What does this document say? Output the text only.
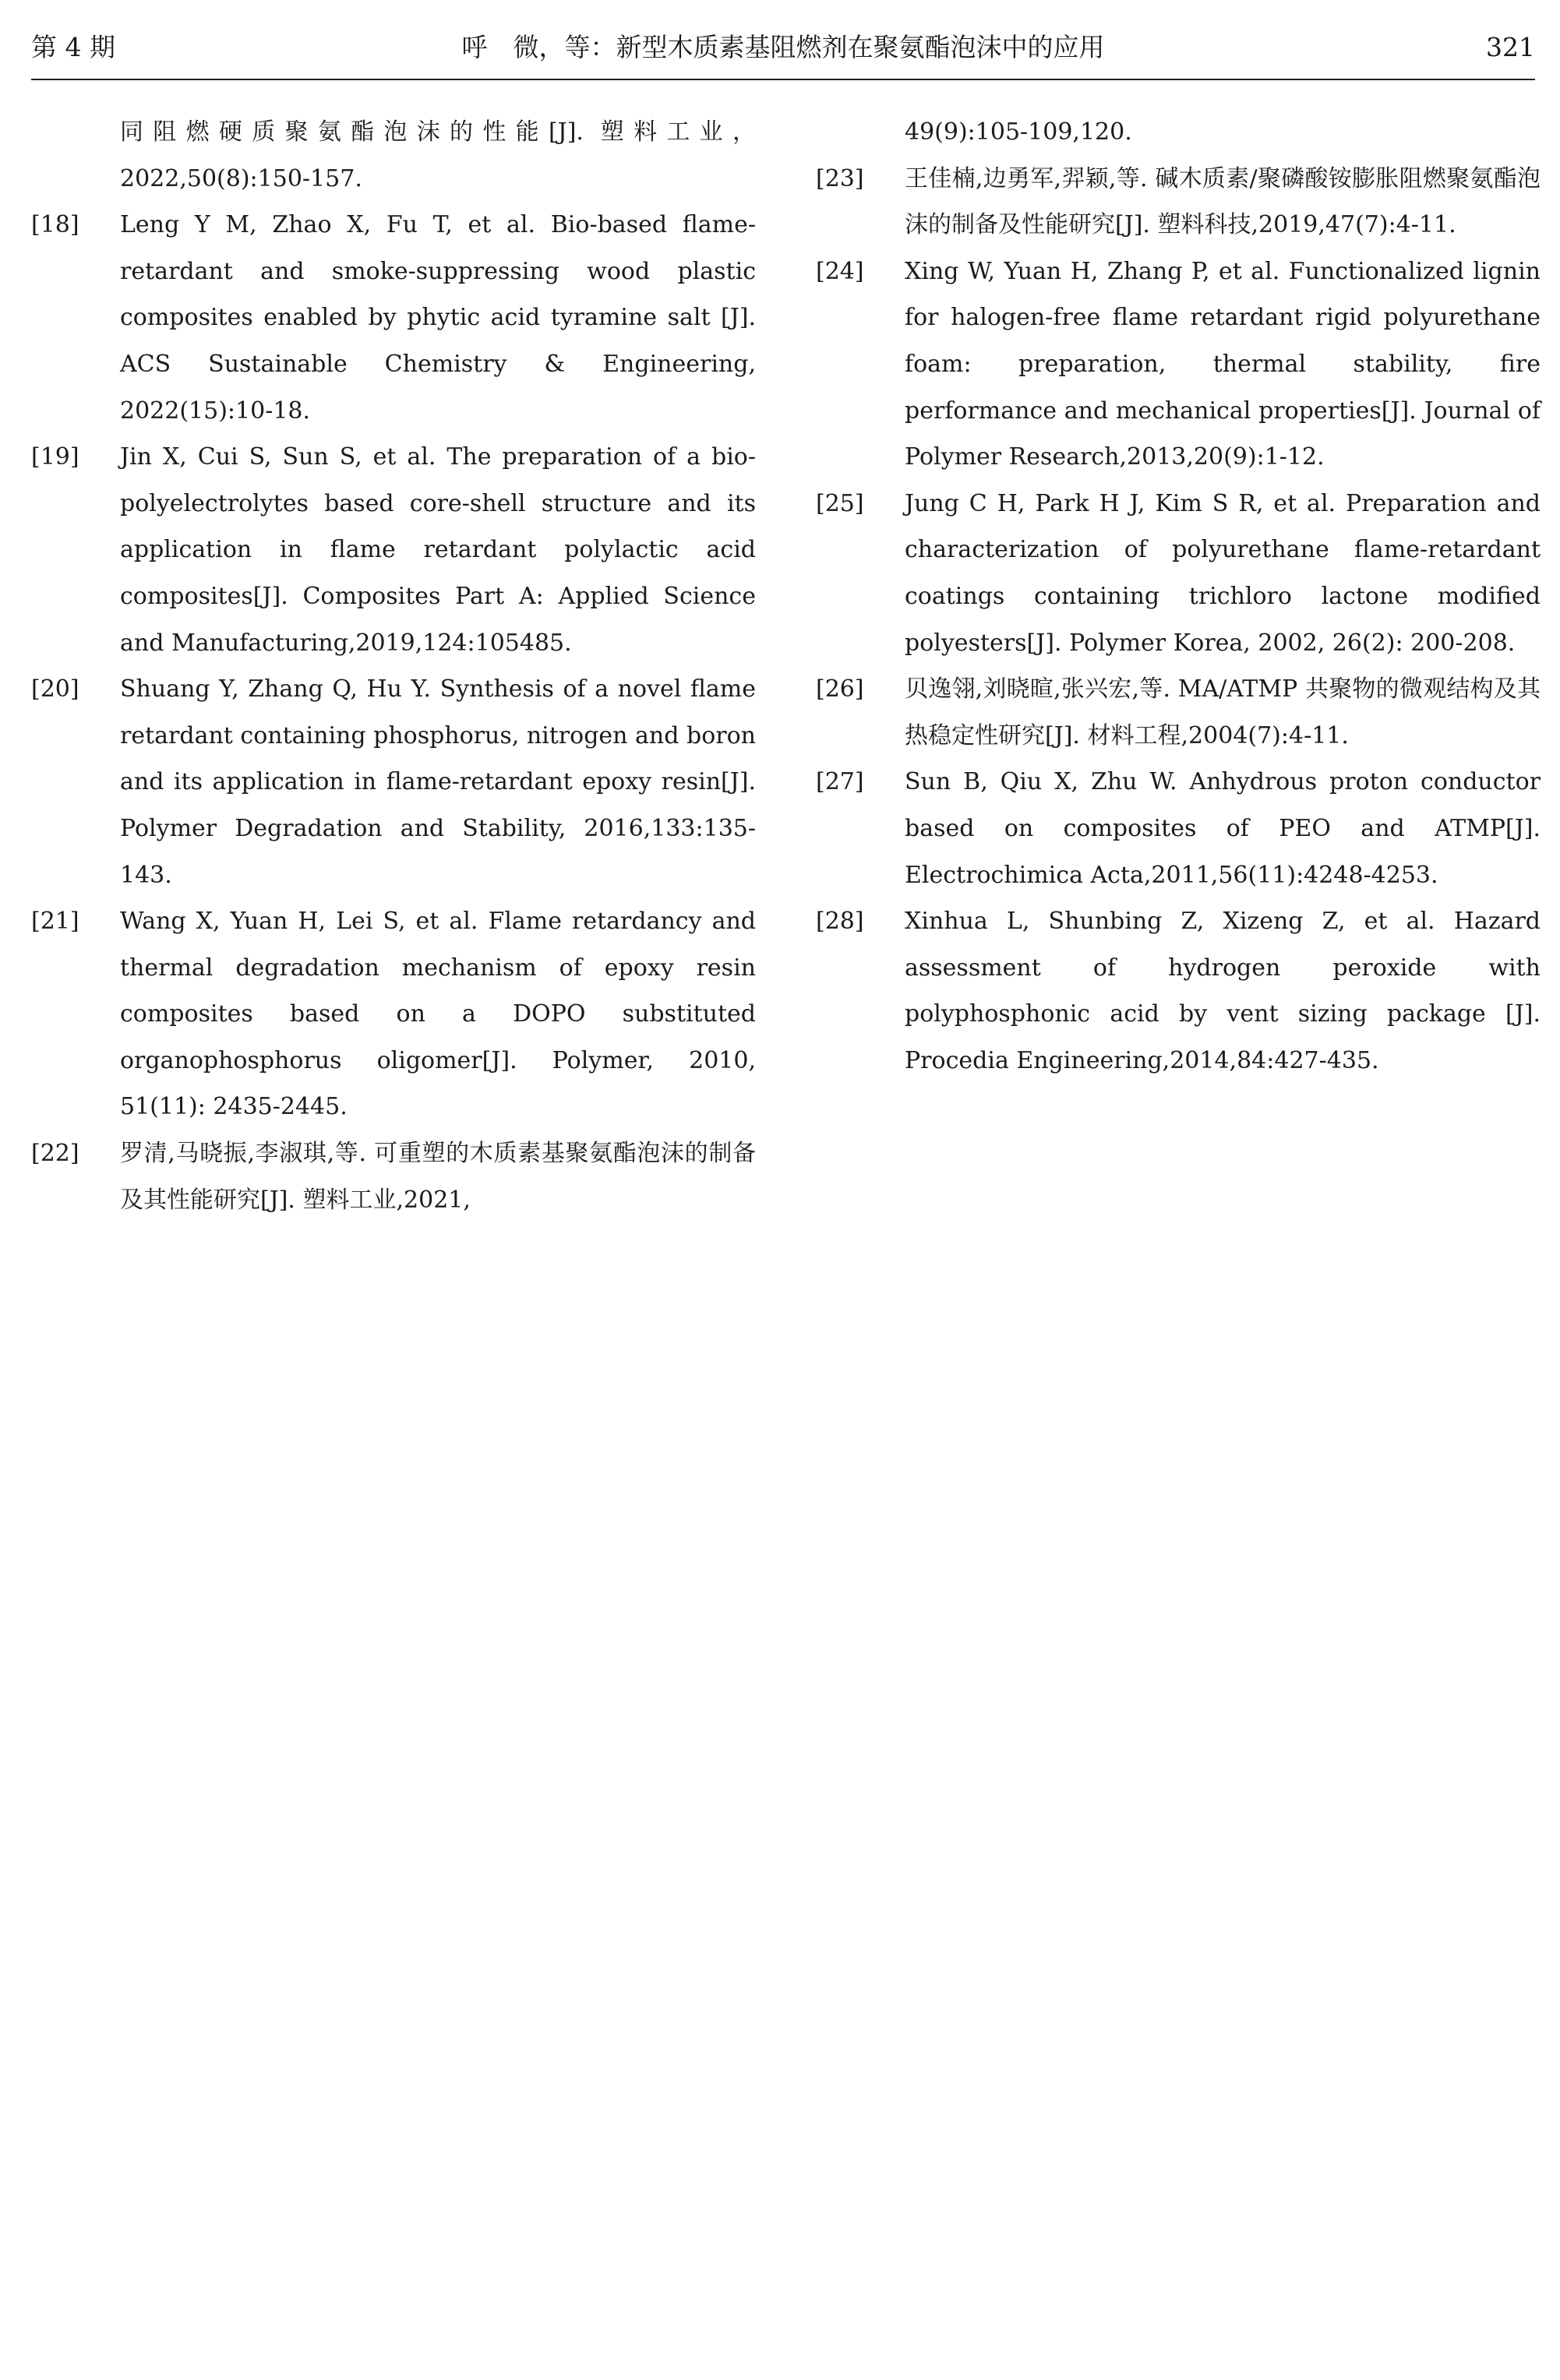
第 4 期	呼　微，等：新型木质素基阻燃剂在聚氨酯泡沫中的应用	321
同阻燃硬质聚氨酯泡沫的性能[J]. 塑料工业，2022,50(8):150-157.
[18]	Leng Y M, Zhao X, Fu T, et al. Bio-based flame-retardant and smoke-suppressing wood plastic composites enabled by phytic acid tyramine salt [J]. ACS Sustainable Chemistry & Engineering, 2022(15):10-18.
[19]	Jin X, Cui S, Sun S, et al. The preparation of a bio-polyelectrolytes based core-shell structure and its application in flame retardant polylactic acid composites[J]. Composites Part A: Applied Science and Manufacturing,2019,124:105485.
[20]	Shuang Y, Zhang Q, Hu Y. Synthesis of a novel flame retardant containing phosphorus, nitrogen and boron and its application in flame-retardant epoxy resin[J]. Polymer Degradation and Stability, 2016,133:135-143.
[21]	Wang X, Yuan H, Lei S, et al. Flame retardancy and thermal degradation mechanism of epoxy resin composites based on a DOPO substituted organophosphorus oligomer[J]. Polymer, 2010, 51(11): 2435-2445.
[22]	罗清,马晓振,李淑琪,等. 可重塑的木质素基聚氨酯泡沫的制备及其性能研究[J]. 塑料工业,2021,
49(9):105-109,120.
[23]	王佳楠,边勇军,羿颖,等. 碱木质素/聚磷酸铵膨胀阻燃聚氨酯泡沫的制备及性能研究[J]. 塑料科技,2019,47(7):4-11.
[24]	Xing W, Yuan H, Zhang P, et al. Functionalized lignin for halogen-free flame retardant rigid polyurethane foam: preparation, thermal stability, fire performance and mechanical properties[J]. Journal of Polymer Research,2013,20(9):1-12.
[25]	Jung C H, Park H J, Kim S R, et al. Preparation and characterization of polyurethane flame-retardant coatings containing trichloro lactone modified polyesters[J]. Polymer Korea, 2002, 26(2): 200-208.
[26]	贝逸翎,刘晓暄,张兴宏,等. MA/ATMP 共聚物的微观结构及其热稳定性研究[J]. 材料工程,2004(7):4-11.
[27]	Sun B, Qiu X, Zhu W. Anhydrous proton conductor based on composites of PEO and ATMP[J]. Electrochimica Acta,2011,56(11):4248-4253.
[28]	Xinhua L, Shunbing Z, Xizeng Z, et al. Hazard assessment of hydrogen peroxide with polyphosphonic acid by vent sizing package [J]. Procedia Engineering,2014,84:427-435.
